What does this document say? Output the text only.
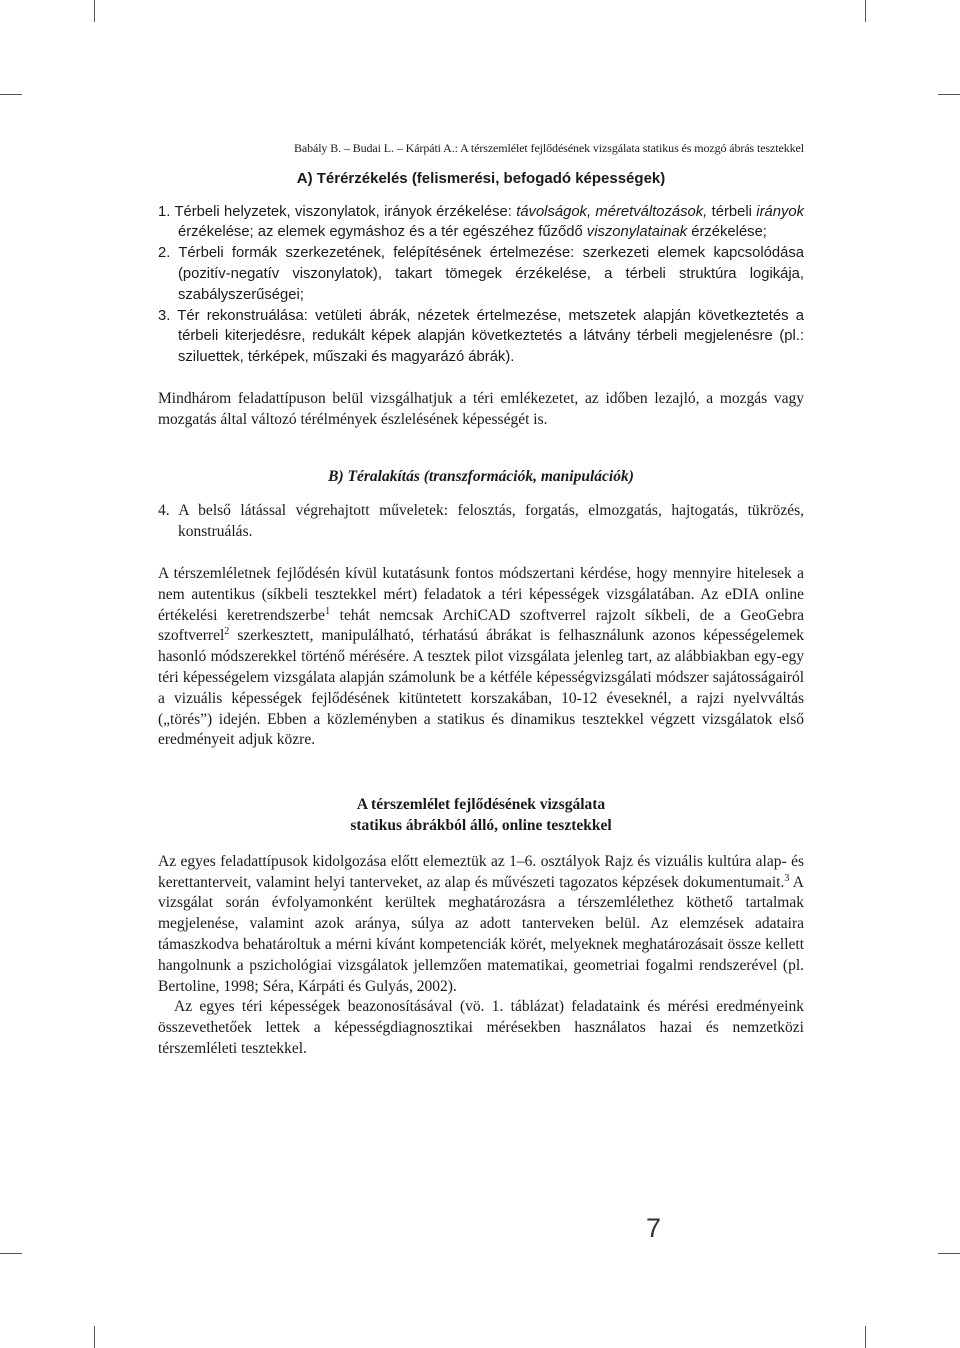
Babály B. – Budai L. – Kárpáti A.: A térszemlélet fejlődésének vizsgálata statikus és mozgó ábrás tesztekkel
A) Térérzékelés (felismerési, befogadó képességek)

1. Térbeli helyzetek, viszonylatok, irányok érzékelése: távolságok, méretváltozások, térbeli irányok érzékelése; az elemek egymáshoz és a tér egészéhez fűződő viszonylatainak érzékelése;

2. Térbeli formák szerkezetének, felépítésének értelmezése: szerkezeti elemek kapcsolódása (pozitív-negatív viszonylatok), takart tömegek érzékelése, a térbeli struktúra logikája, szabályszerűségei;

3. Tér rekonstruálása: vetületi ábrák, nézetek értelmezése, metszetek alapján következtetés a térbeli kiterjedésre, redukált képek alapján következtetés a látvány térbeli megjelenésre (pl.: sziluettek, térképek, műszaki és magyarázó ábrák).

Mindhárom feladattípuson belül vizsgálhatjuk a téri emlékezetet, az időben lezajló, a mozgás vagy mozgatás által változó térélmények észlelésének képességét is.

B) Téralakítás (transzformációk, manipulációk)

4. A belső látással végrehajtott műveletek: felosztás, forgatás, elmozgatás, hajtogatás, tükrözés, konstruálás.

A térszemléletnek fejlődésén kívül kutatásunk fontos módszertani kérdése, hogy mennyire hitelesek a nem autentikus (síkbeli tesztekkel mért) feladatok a téri képességek vizsgálatában. Az eDIA online értékelési keretrendszerbe$^1$ tehát nemcsak ArchiCAD szoftverrel rajzolt síkbeli, de a GeoGebra szoftverrel$^2$ szerkesztett, manipulálható, térhatású ábrákat is felhasználunk azonos képességelemek hasonló módszerekkel történő mérésére. A tesztek pilot vizsgálata jelenleg tart, az alábbiakban egy-egy téri képességelem vizsgálata alapján számolunk be a kétféle képességvizsgálati módszer sajátosságairól a vizuális képességek fejlődésének kitüntetett korszakában, 10-12 éveseknél, a rajzi nyelvváltás („törés”) idején. Ebben a közleményben a statikus és dinamikus tesztekkel végzett vizsgálatok első eredményeit adjuk közre.

A térszemlélet fejlődésének vizsgálata
statikus ábrákból álló, online tesztekkel

Az egyes feladattípusok kidolgozása előtt elemeztük az 1–6. osztályok Rajz és vizuális kultúra alap- és kerettanterveit, valamint helyi tanterveket, az alap és művészeti tagozatos képzések dokumentumait.$^3$ A vizsgálat során évfolyamonként kerültek meghatározásra a térszemlélethez köthető tartalmak megjelenése, valamint azok aránya, súlya az adott tanterveken belül. Az elemzések adataira támaszkodva behatároltuk a mérni kívánt kompetenciák körét, melyeknek meghatározásait össze kellett hangolnunk a pszichológiai vizsgálatok jellemzően matematikai, geometriai fogalmi rendszerével (pl. Bertoline, 1998; Séra, Kárpáti és Gulyás, 2002).

Az egyes téri képességek beazonosításával (vö. 1. táblázat) feladataink és mérési eredményeink összevethetőek lettek a képességdiagnosztikai mérésekben használatos hazai és nemzetközi térszemléleti tesztekkel.

7
